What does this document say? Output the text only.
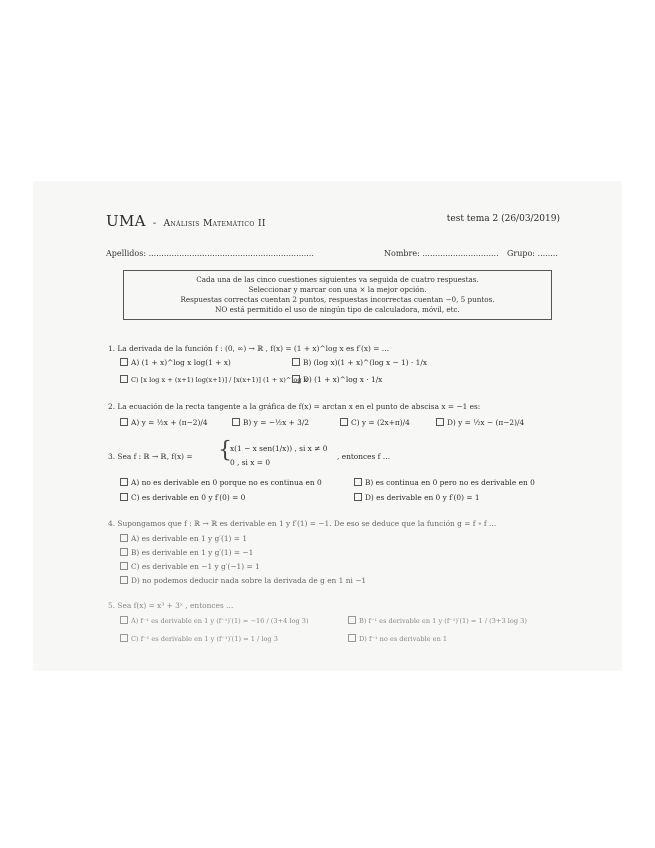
UMA - Análisis Matemático II	test tema 2 (26/03/2019)
Apellidos: .................................................................	Nombre: .............................. Grupo: ........
Cada una de las cinco cuestiones siguientes va seguida de cuatro respuestas.
Seleccionar y marcar con una × la mejor opción.
Respuestas correctas cuentan 2 puntos, respuestas incorrectas cuentan −0, 5 puntos.
NO está permitido el uso de ningún tipo de calculadora, móvil, etc.
1. La derivada de la función f : (0, ∞) → ℝ , f(x) = (1 + x)^log x es f′(x) = …
A) (1 + x)^log x log(1 + x)	B) (log x)(1 + x)^(log x − 1) · 1/x
C) [x log x + (x+1) log(x+1)] / [x(x+1)] (1 + x)^log x
D) (1 + x)^log x · 1/x
2. La ecuación de la recta tangente a la gráfica de f(x) = arctan x en el punto de abscisa x = −1 es:
A) y = ½x + (π−2)/4	B) y = −½x + 3/2	C) y = (2x+π)/4	D) y = ½x − (π−2)/4
3. Sea f : ℝ → ℝ, f(x) = {
x(1 − x sen(1/x)) , si x ≠ 0
0 , si x = 0
, entonces f …
A) no es derivable en 0 porque no es continua en 0	B) es continua en 0 pero no es derivable en 0
C) es derivable en 0 y f′(0) = 0	D) es derivable en 0 y f′(0) = 1
4. Supongamos que f : ℝ → ℝ es derivable en 1 y f′(1) = −1. De eso se deduce que la función g = f ∘ f …
A) es derivable en 1 y g′(1) = 1
B) es derivable en 1 y g′(1) = −1
C) es derivable en −1 y g′(−1) = 1
D) no podemos deducir nada sobre la derivada de g en 1 ni −1
5. Sea f(x) = x³ + 3ˣ , entonces …
A) f⁻¹ es derivable en 1 y (f⁻¹)′(1) = −16 / (3+4 log 3)	B) f⁻¹ es derivable en 1 y (f⁻¹)′(1) = 1 / (3+3 log 3)
C) f⁻¹ es derivable en 1 y (f⁻¹)′(1) = 1 / log 3	D) f⁻¹ no es derivable en 1
